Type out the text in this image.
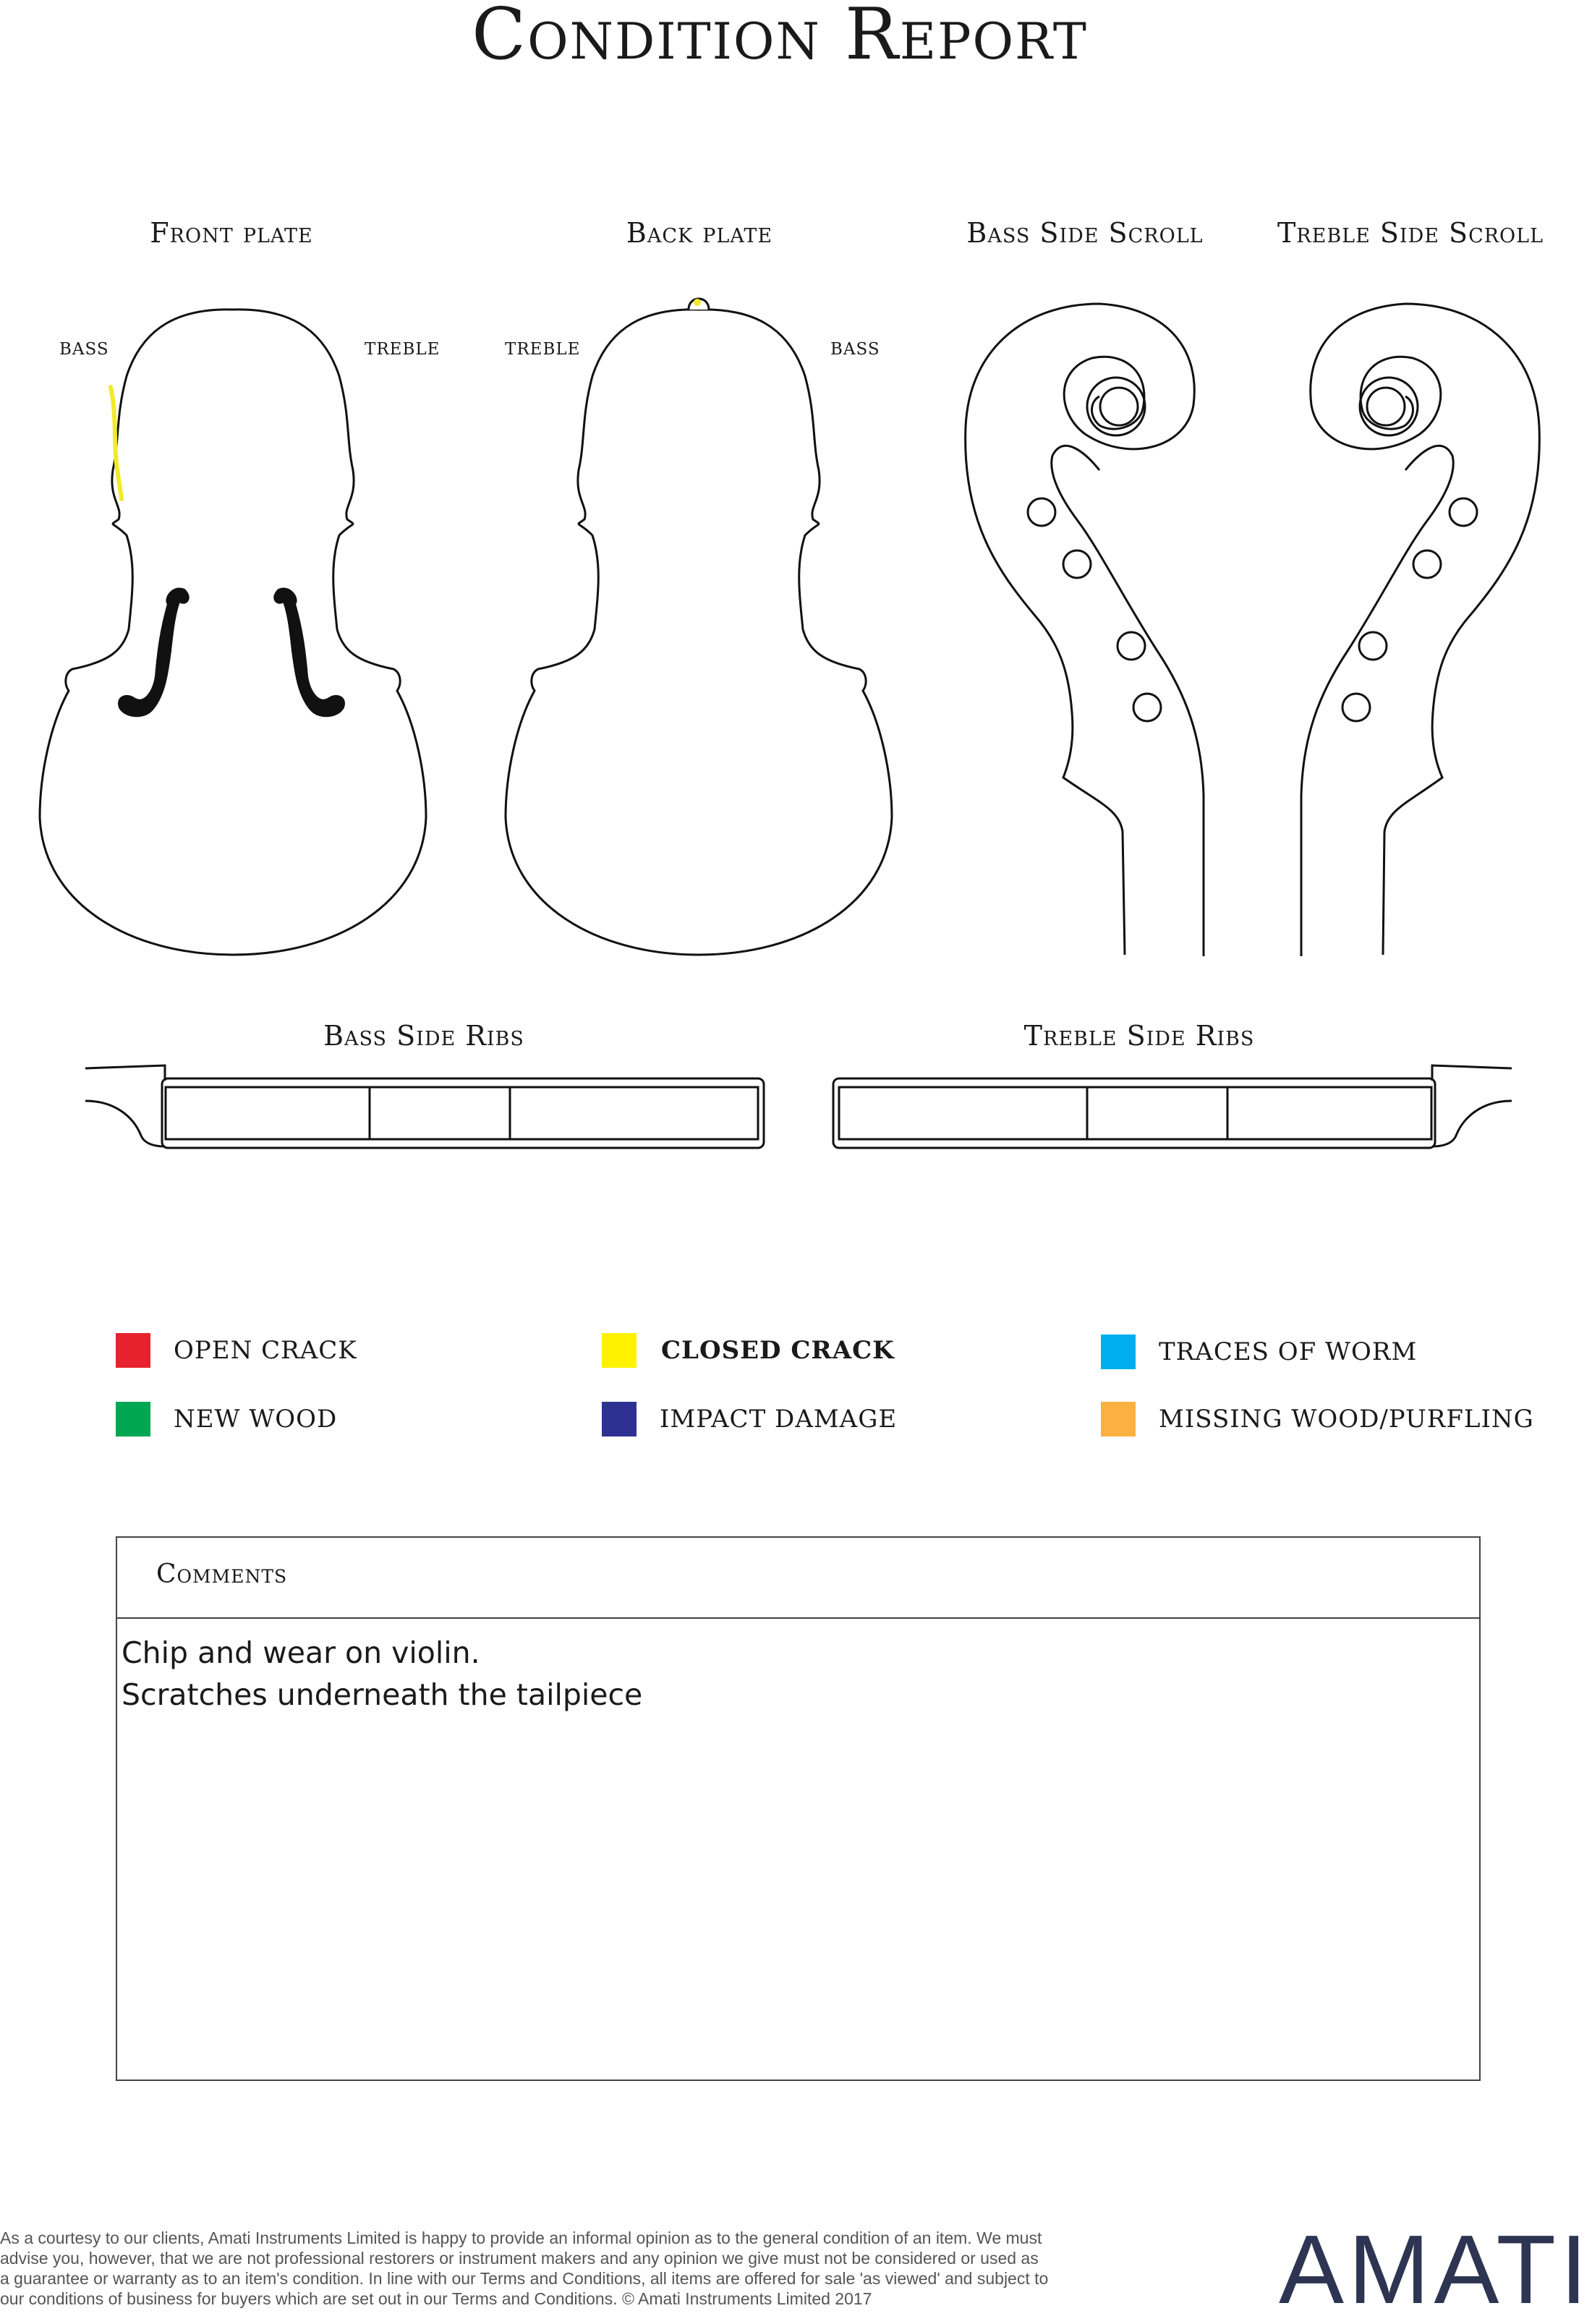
Condition Report
Front plate	Back plate	Bass Side Scroll	Treble Side Scroll
Bass Side Ribs	Treble Side Ribs
BASS	TREBLE	TREBLE	BASS
OPEN CRACK	CLOSED CRACK	TRACES OF WORM
NEW WOOD	IMPACT DAMAGE	MISSING WOOD/PURFLING
Comments
Chip and wear on violin.
Scratches underneath the tailpiece
As a courtesy to our clients, Amati Instruments Limited is happy to provide an informal opinion as to the general condition of an item. We must
advise you, however, that we are not professional restorers or instrument makers and any opinion we give must not be considered or used as
a guarantee or warranty as to an item's condition. In line with our Terms and Conditions, all items are offered for sale 'as viewed' and subject to
our conditions of business for buyers which are set out in our Terms and Conditions. © Amati Instruments Limited 2017	AMATI
